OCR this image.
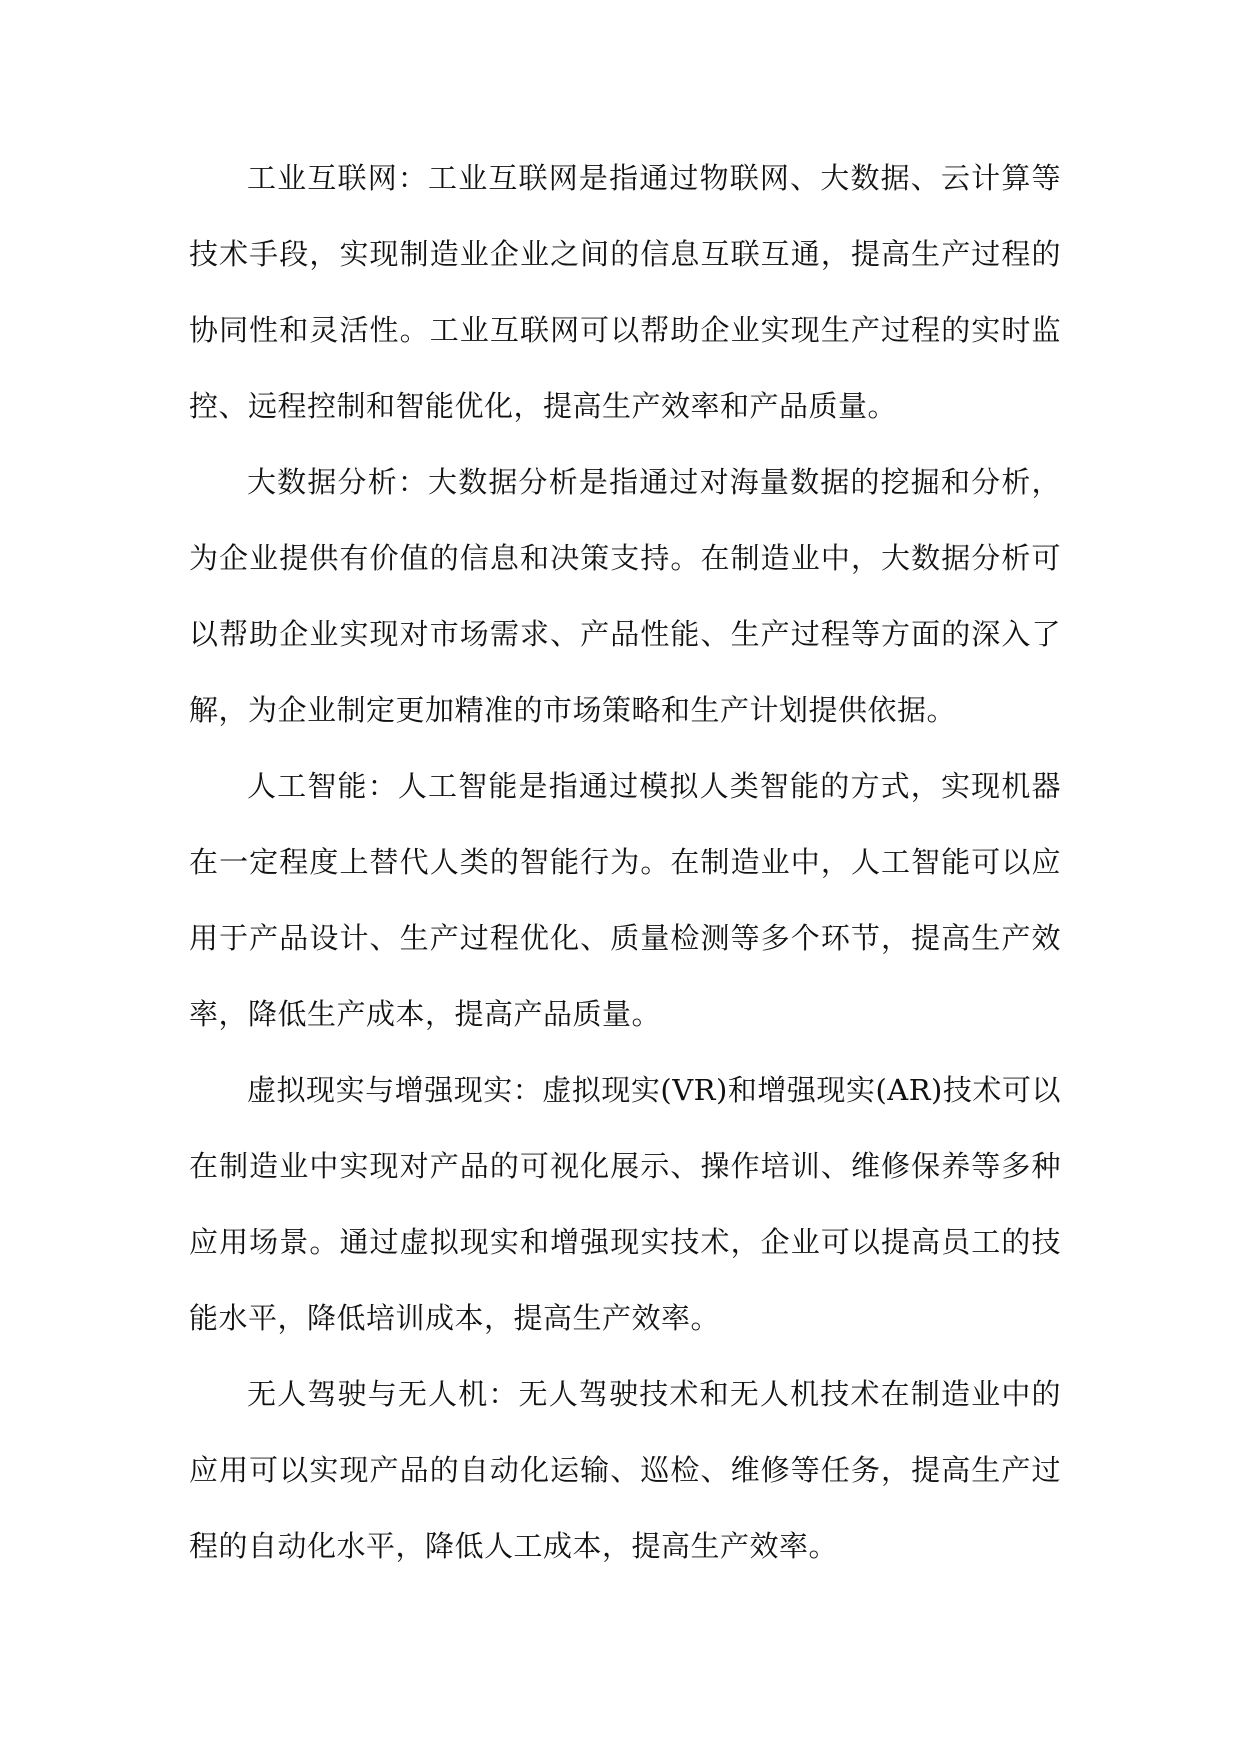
工业互联网：工业互联网是指通过物联网、大数据、云计算等技术手段，实现制造业企业之间的信息互联互通，提高生产过程的协同性和灵活性。工业互联网可以帮助企业实现生产过程的实时监控、远程控制和智能优化，提高生产效率和产品质量。

大数据分析：大数据分析是指通过对海量数据的挖掘和分析，为企业提供有价值的信息和决策支持。在制造业中，大数据分析可以帮助企业实现对市场需求、产品性能、生产过程等方面的深入了解，为企业制定更加精准的市场策略和生产计划提供依据。

人工智能：人工智能是指通过模拟人类智能的方式，实现机器在一定程度上替代人类的智能行为。在制造业中，人工智能可以应用于产品设计、生产过程优化、质量检测等多个环节，提高生产效率，降低生产成本，提高产品质量。

虚拟现实与增强现实：虚拟现实(VR)和增强现实(AR)技术可以在制造业中实现对产品的可视化展示、操作培训、维修保养等多种应用场景。通过虚拟现实和增强现实技术，企业可以提高员工的技能水平，降低培训成本，提高生产效率。

无人驾驶与无人机：无人驾驶技术和无人机技术在制造业中的应用可以实现产品的自动化运输、巡检、维修等任务，提高生产过程的自动化水平，降低人工成本，提高生产效率。
